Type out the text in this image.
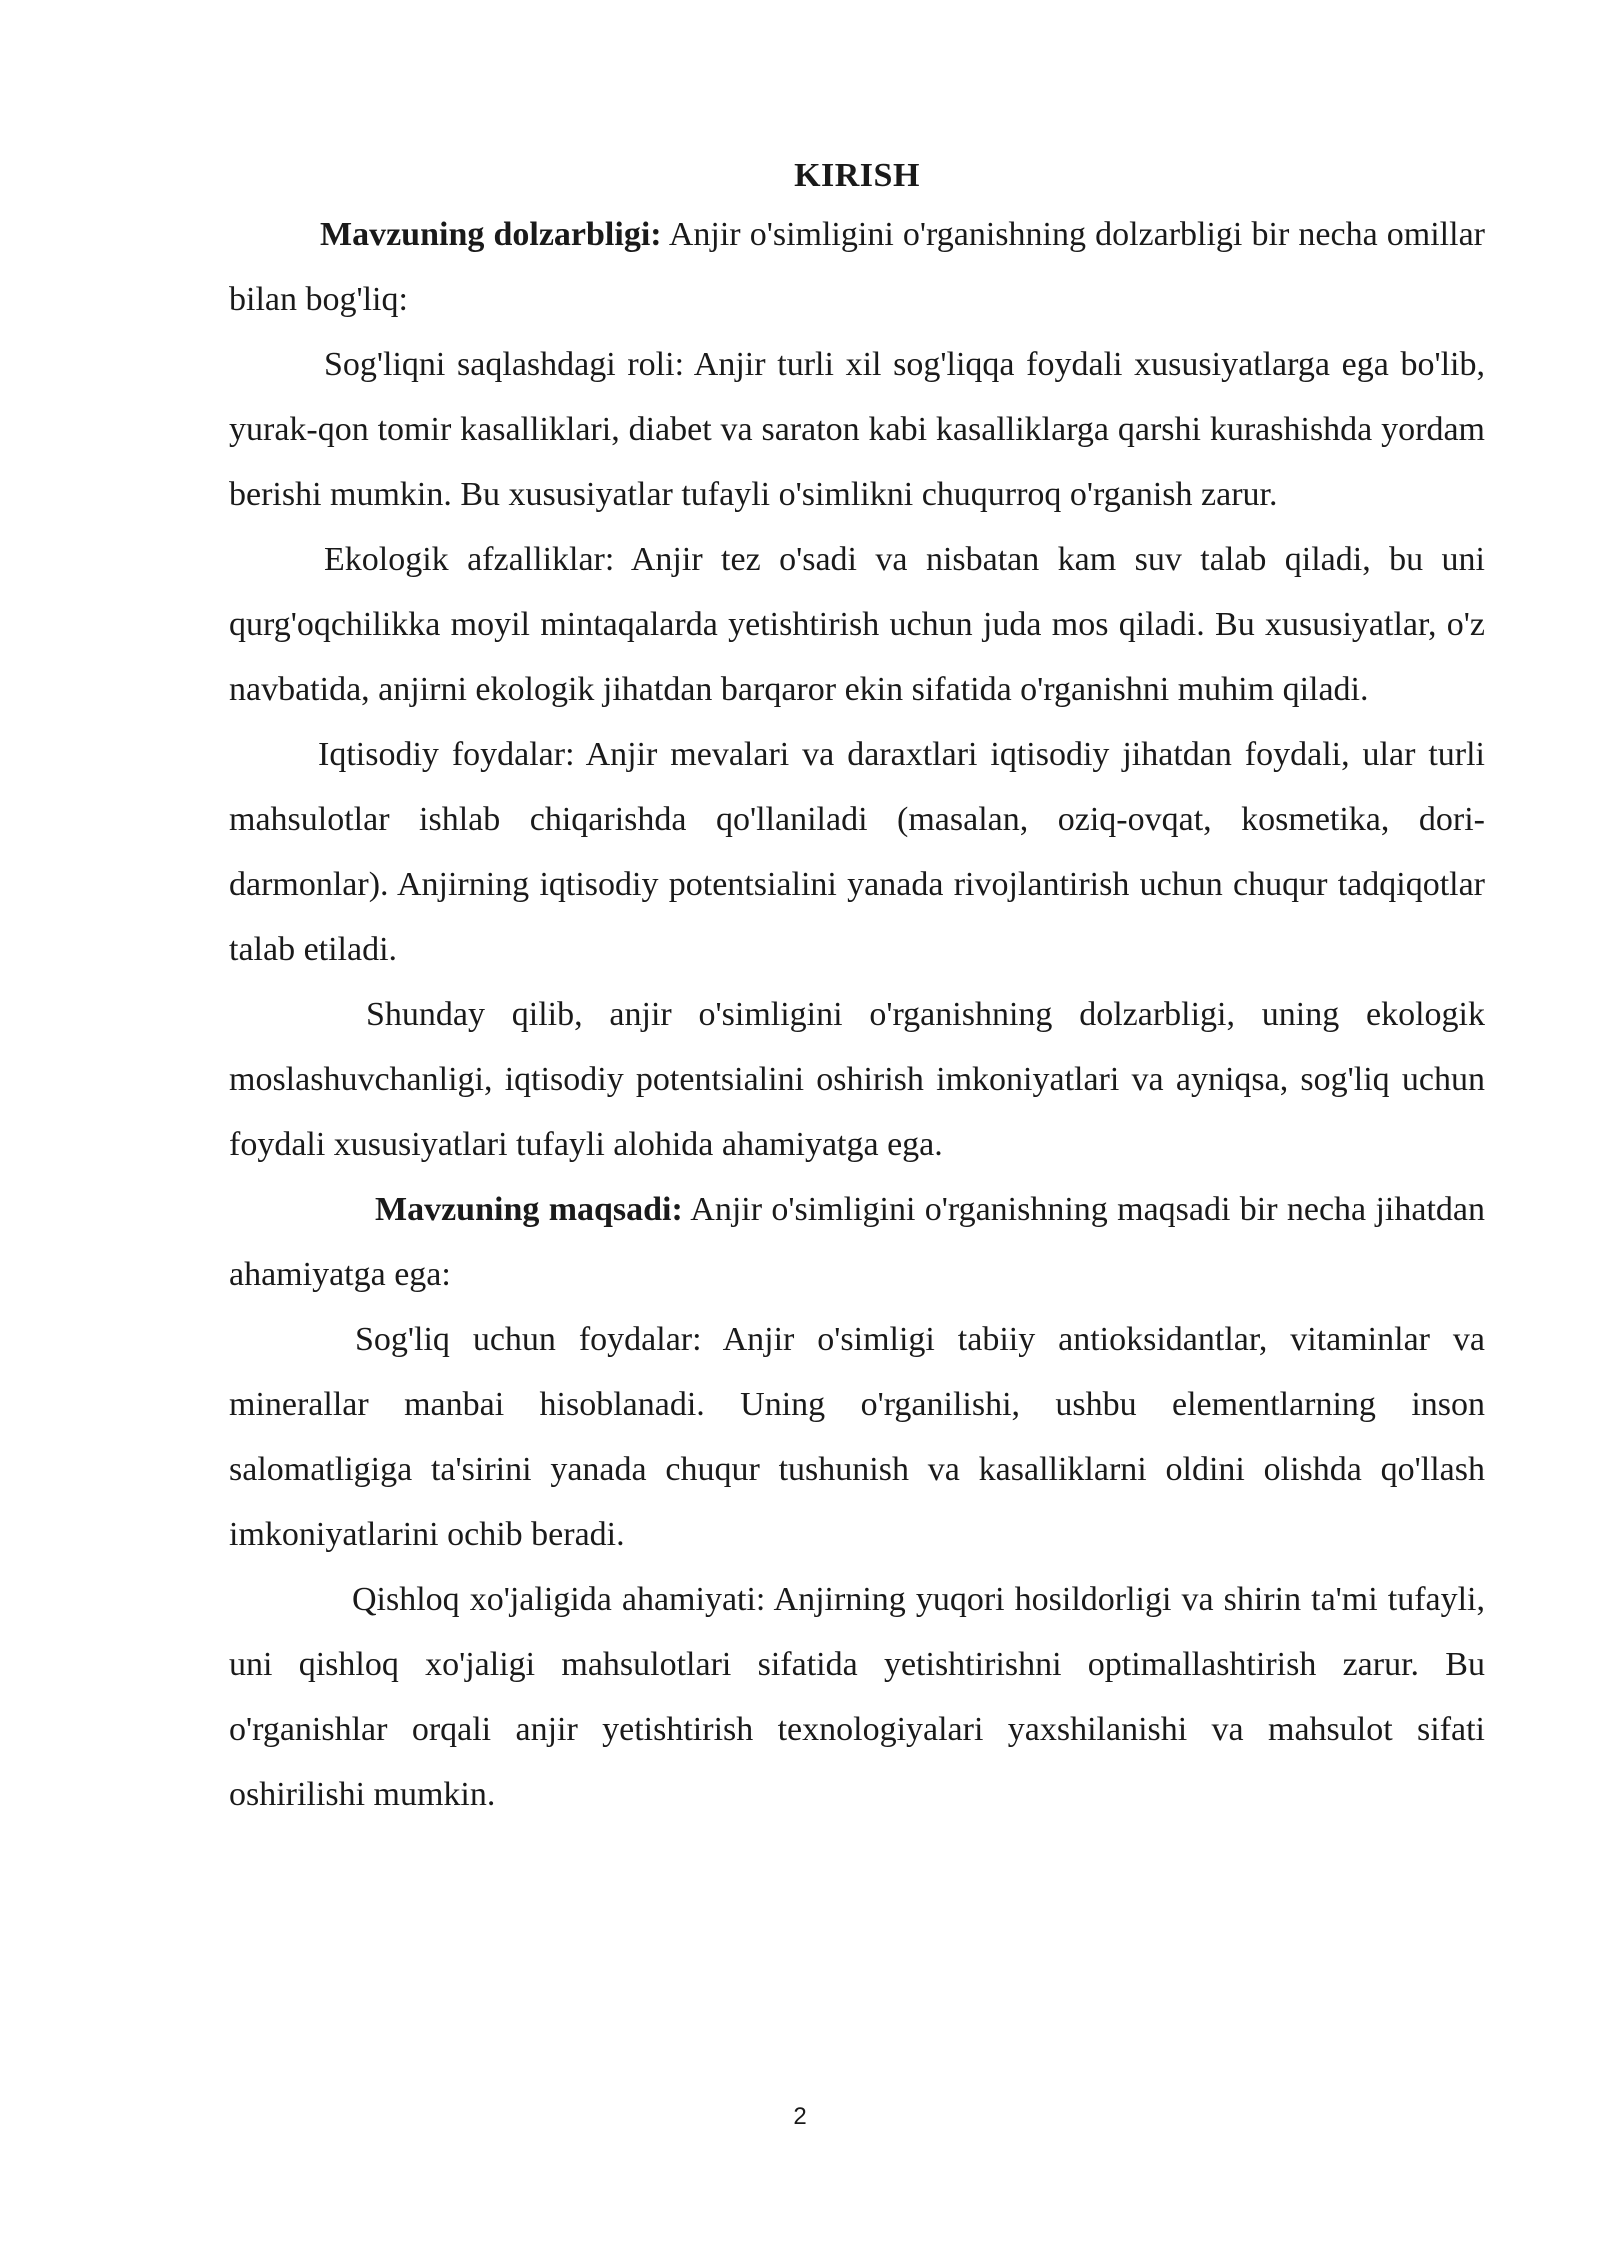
KIRISH

Mavzuning dolzarbligi: Anjir o'simligini o'rganishning dolzarbligi bir necha omillar bilan bog'liq:

Sog'liqni saqlashdagi roli: Anjir turli xil sog'liqqa foydali xususiyatlarga ega bo'lib, yurak-qon tomir kasalliklari, diabet va saraton kabi kasalliklarga qarshi kurashishda yordam berishi mumkin. Bu xususiyatlar tufayli o'simlikni chuqurroq o'rganish zarur.

Ekologik afzalliklar: Anjir tez o'sadi va nisbatan kam suv talab qiladi, bu uni qurg'oqchilikka moyil mintaqalarda yetishtirish uchun juda mos qiladi. Bu xususiyatlar, o'z navbatida, anjirni ekologik jihatdan barqaror ekin sifatida o'rganishni muhim qiladi.

Iqtisodiy foydalar: Anjir mevalari va daraxtlari iqtisodiy jihatdan foydali, ular turli mahsulotlar ishlab chiqarishda qo'llaniladi (masalan, oziq-ovqat, kosmetika, dori-darmonlar). Anjirning iqtisodiy potentsialini yanada rivojlantirish uchun chuqur tadqiqotlar talab etiladi.

Shunday qilib, anjir o'simligini o'rganishning dolzarbligi, uning ekologik moslashuvchanligi, iqtisodiy potentsialini oshirish imkoniyatlari va ayniqsa, sog'liq uchun foydali xususiyatlari tufayli alohida ahamiyatga ega.

Mavzuning maqsadi: Anjir o'simligini o'rganishning maqsadi bir necha jihatdan ahamiyatga ega:

Sog'liq uchun foydalar: Anjir o'simligi tabiiy antioksidantlar, vitaminlar va minerallar manbai hisoblanadi. Uning o'rganilishi, ushbu elementlarning inson salomatligiga ta'sirini yanada chuqur tushunish va kasalliklarni oldini olishda qo'llash imkoniyatlarini ochib beradi.

Qishloq xo'jaligida ahamiyati: Anjirning yuqori hosildorligi va shirin ta'mi tufayli, uni qishloq xo'jaligi mahsulotlari sifatida yetishtirishni optimallashtirish zarur. Bu o'rganishlar orqali anjir yetishtirish texnologiyalari yaxshilanishi va mahsulot sifati oshirilishi mumkin.

2
